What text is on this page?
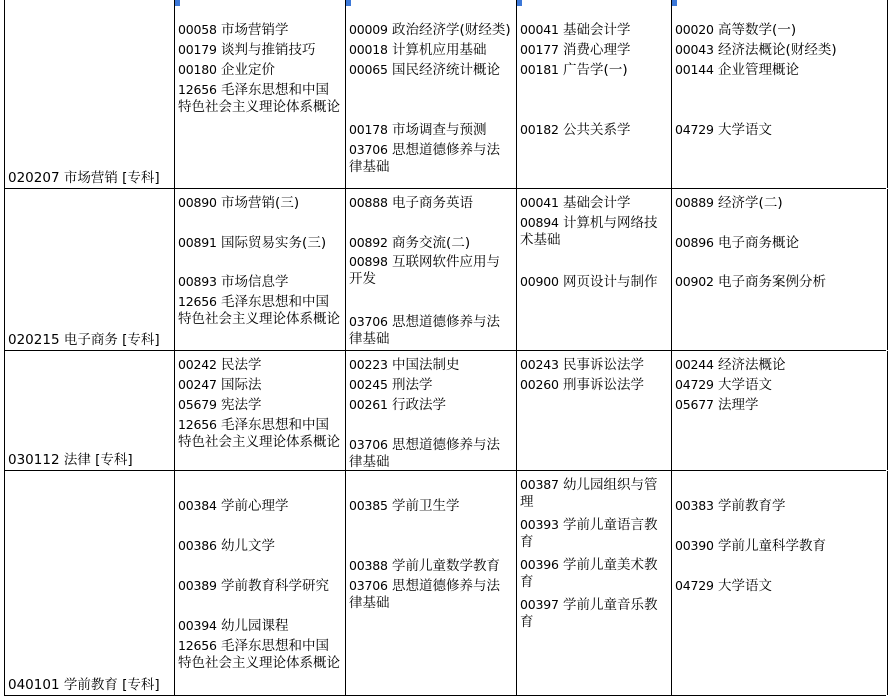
020207 市场营销 [专科]
00058 市场营销学
00179 谈判与推销技巧
00180 企业定价
12656 毛泽东思想和中国特色社会主义理论体系概论
00009 政治经济学(财经类)
00018 计算机应用基础
00065 国民经济统计概论
00178 市场调查与预测
03706 思想道德修养与法律基础
00041 基础会计学
00177 消费心理学
00181 广告学(一)
00182 公共关系学
00020 高等数学(一)
00043 经济法概论(财经类)
00144 企业管理概论
04729 大学语文
020215 电子商务 [专科]
00890 市场营销(三)
00891 国际贸易实务(三)
00893 市场信息学
12656 毛泽东思想和中国特色社会主义理论体系概论
00888 电子商务英语
00892 商务交流(二)
00898 互联网软件应用与开发
03706 思想道德修养与法律基础
00041 基础会计学
00894 计算机与网络技术基础
00900 网页设计与制作
00889 经济学(二)
00896 电子商务概论
00902 电子商务案例分析
030112 法律 [专科]
00242 民法学
00247 国际法
05679 宪法学
12656 毛泽东思想和中国特色社会主义理论体系概论
00223 中国法制史
00245 刑法学
00261 行政法学
03706 思想道德修养与法律基础
00243 民事诉讼法学
00260 刑事诉讼法学
00244 经济法概论
04729 大学语文
05677 法理学
040101 学前教育 [专科]
00384 学前心理学
00386 幼儿文学
00389 学前教育科学研究
00394 幼儿园课程
12656 毛泽东思想和中国特色社会主义理论体系概论
00385 学前卫生学
00388 学前儿童数学教育
03706 思想道德修养与法律基础
00387 幼儿园组织与管理
00393 学前儿童语言教育
00396 学前儿童美术教育
00397 学前儿童音乐教育
00383 学前教育学
00390 学前儿童科学教育
04729 大学语文
